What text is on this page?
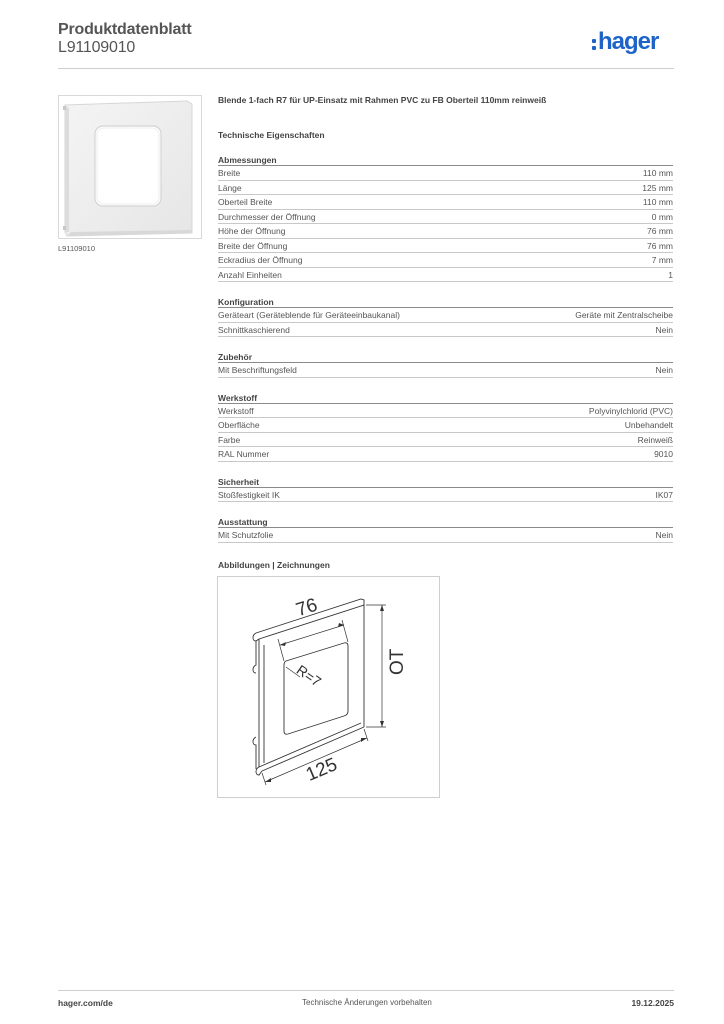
Produktdatenblatt
L91109010	hager
L91109010
Blende 1-fach R7 für UP-Einsatz mit Rahmen PVC zu FB Oberteil 110mm reinweiß
Technische Eigenschaften
Abmessungen
Breite	110 mm
Länge	125 mm
Oberteil Breite	110 mm
Durchmesser der Öffnung	0 mm
Höhe der Öffnung	76 mm
Breite der Öffnung	76 mm
Eckradius der Öffnung	7 mm
Anzahl Einheiten	1
Konfiguration
Geräteart (Geräteblende für Geräteeinbaukanal)	Geräte mit Zentralscheibe
Schnittkaschierend	Nein
Zubehör
Mit Beschriftungsfeld	Nein
Werkstoff
Werkstoff	Polyvinylchlorid (PVC)
Oberfläche	Unbehandelt
Farbe	Reinweiß
RAL Nummer	9010
Sicherheit
Stoßfestigkeit IK	IK07
Ausstattung
Mit Schutzfolie	Nein
Abbildungen | Zeichnungen
76
OT
125
R=7
hager.com/de	Technische Änderungen vorbehalten	19.12.2025
